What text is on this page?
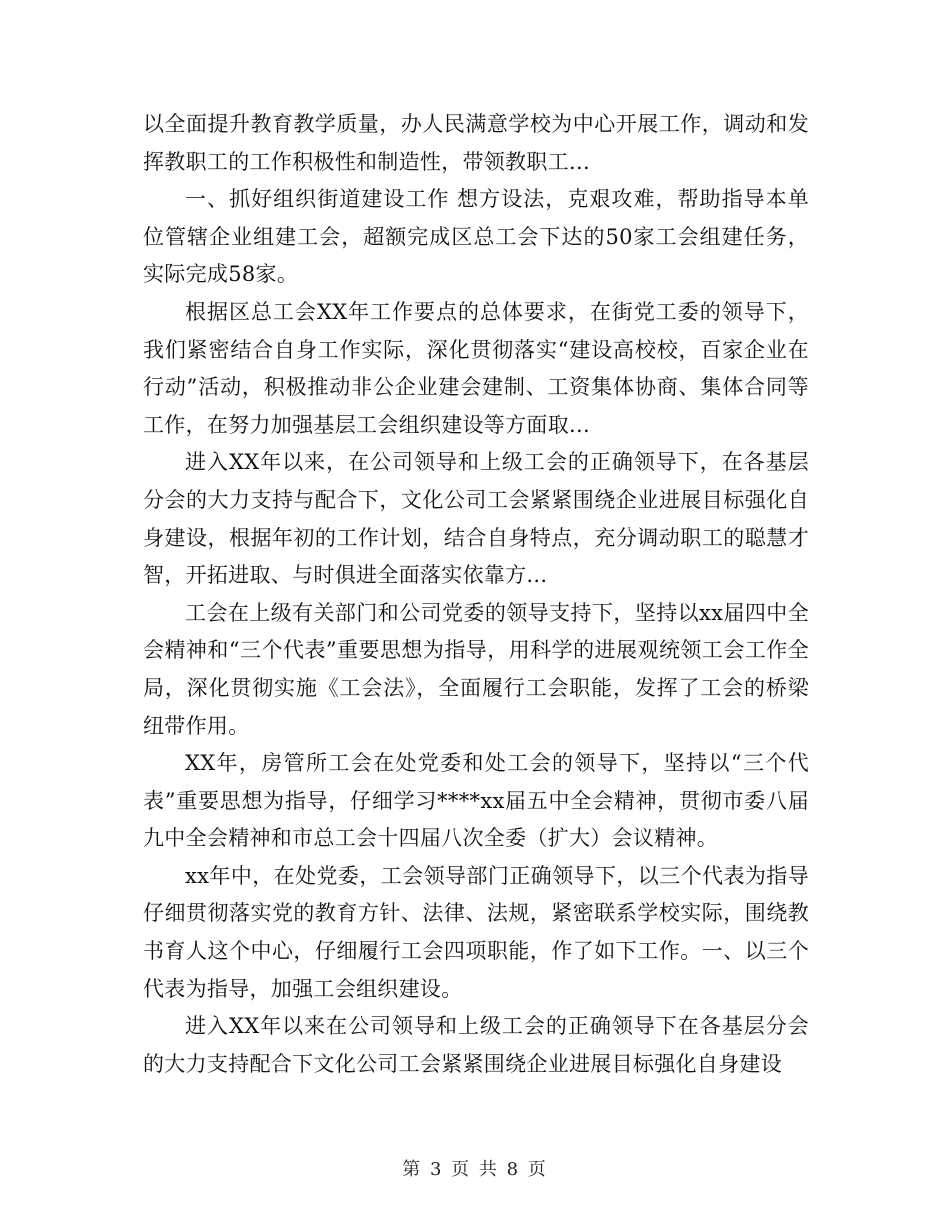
以全面提升教育教学质量，办人民满意学校为中心开展工作，调动和发挥教职工的工作积极性和制造性，带领教职工...

一、抓好组织街道建设工作 想方设法，克艰攻难，帮助指导本单位管辖企业组建工会，超额完成区总工会下达的50家工会组建任务，实际完成58家。

根据区总工会XX年工作要点的总体要求，在街党工委的领导下，我们紧密结合自身工作实际，深化贯彻落实“建设高校校，百家企业在行动”活动，积极推动非公企业建会建制、工资集体协商、集体合同等工作，在努力加强基层工会组织建设等方面取...

进入XX年以来，在公司领导和上级工会的正确领导下，在各基层分会的大力支持与配合下，文化公司工会紧紧围绕企业进展目标强化自身建设，根据年初的工作计划，结合自身特点，充分调动职工的聪慧才智，开拓进取、与时俱进全面落实依靠方...

工会在上级有关部门和公司党委的领导支持下，坚持以xx届四中全会精神和“三个代表”重要思想为指导，用科学的进展观统领工会工作全局，深化贯彻实施《工会法》，全面履行工会职能，发挥了工会的桥梁纽带作用。

XX年，房管所工会在处党委和处工会的领导下，坚持以“三个代表”重要思想为指导，仔细学习****xx届五中全会精神，贯彻市委八届九中全会精神和市总工会十四届八次全委（扩大）会议精神。

xx年中，在处党委，工会领导部门正确领导下，以三个代表为指导仔细贯彻落实党的教育方针、法律、法规，紧密联系学校实际，围绕教书育人这个中心，仔细履行工会四项职能，作了如下工作。一、以三个代表为指导，加强工会组织建设。

进入XX年以来在公司领导和上级工会的正确领导下在各基层分会的大力支持配合下文化公司工会紧紧围绕企业进展目标强化自身建设

第 3 页 共 8 页
